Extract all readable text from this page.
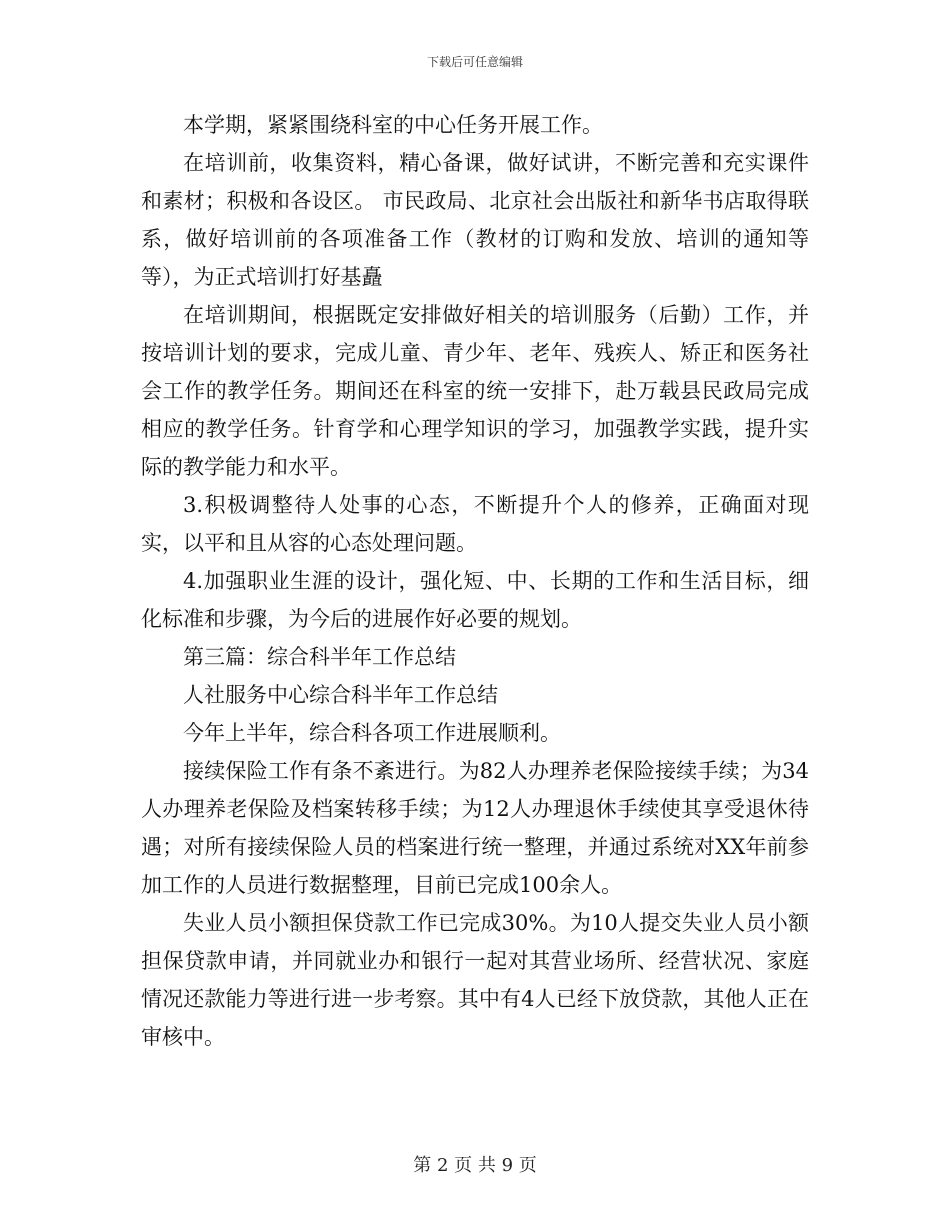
下载后可任意编辑

本学期，紧紧围绕科室的中心任务开展工作。

在培训前，收集资料，精心备课，做好试讲，不断完善和充实课件和素材；积极和各设区。 市民政局、北京社会出版社和新华书店取得联系，做好培训前的各项准备工作（教材的订购和发放、培训的通知等等），为正式培训打好基矗

在培训期间，根据既定安排做好相关的培训服务（后勤）工作，并按培训计划的要求，完成儿童、青少年、老年、残疾人、矫正和医务社会工作的教学任务。期间还在科室的统一安排下，赴万载县民政局完成相应的教学任务。针育学和心理学知识的学习，加强教学实践，提升实际的教学能力和水平。

3.积极调整待人处事的心态，不断提升个人的修养，正确面对现实，以平和且从容的心态处理问题。

4.加强职业生涯的设计，强化短、中、长期的工作和生活目标，细化标准和步骤，为今后的进展作好必要的规划。

第三篇：综合科半年工作总结

人社服务中心综合科半年工作总结

今年上半年，综合科各项工作进展顺利。

接续保险工作有条不紊进行。为82人办理养老保险接续手续；为34人办理养老保险及档案转移手续；为12人办理退休手续使其享受退休待遇；对所有接续保险人员的档案进行统一整理，并通过系统对XX年前参加工作的人员进行数据整理，目前已完成100余人。

失业人员小额担保贷款工作已完成30%。为10人提交失业人员小额担保贷款申请，并同就业办和银行一起对其营业场所、经营状况、家庭情况还款能力等进行进一步考察。其中有4人已经下放贷款，其他人正在审核中。

第 2 页 共 9 页
